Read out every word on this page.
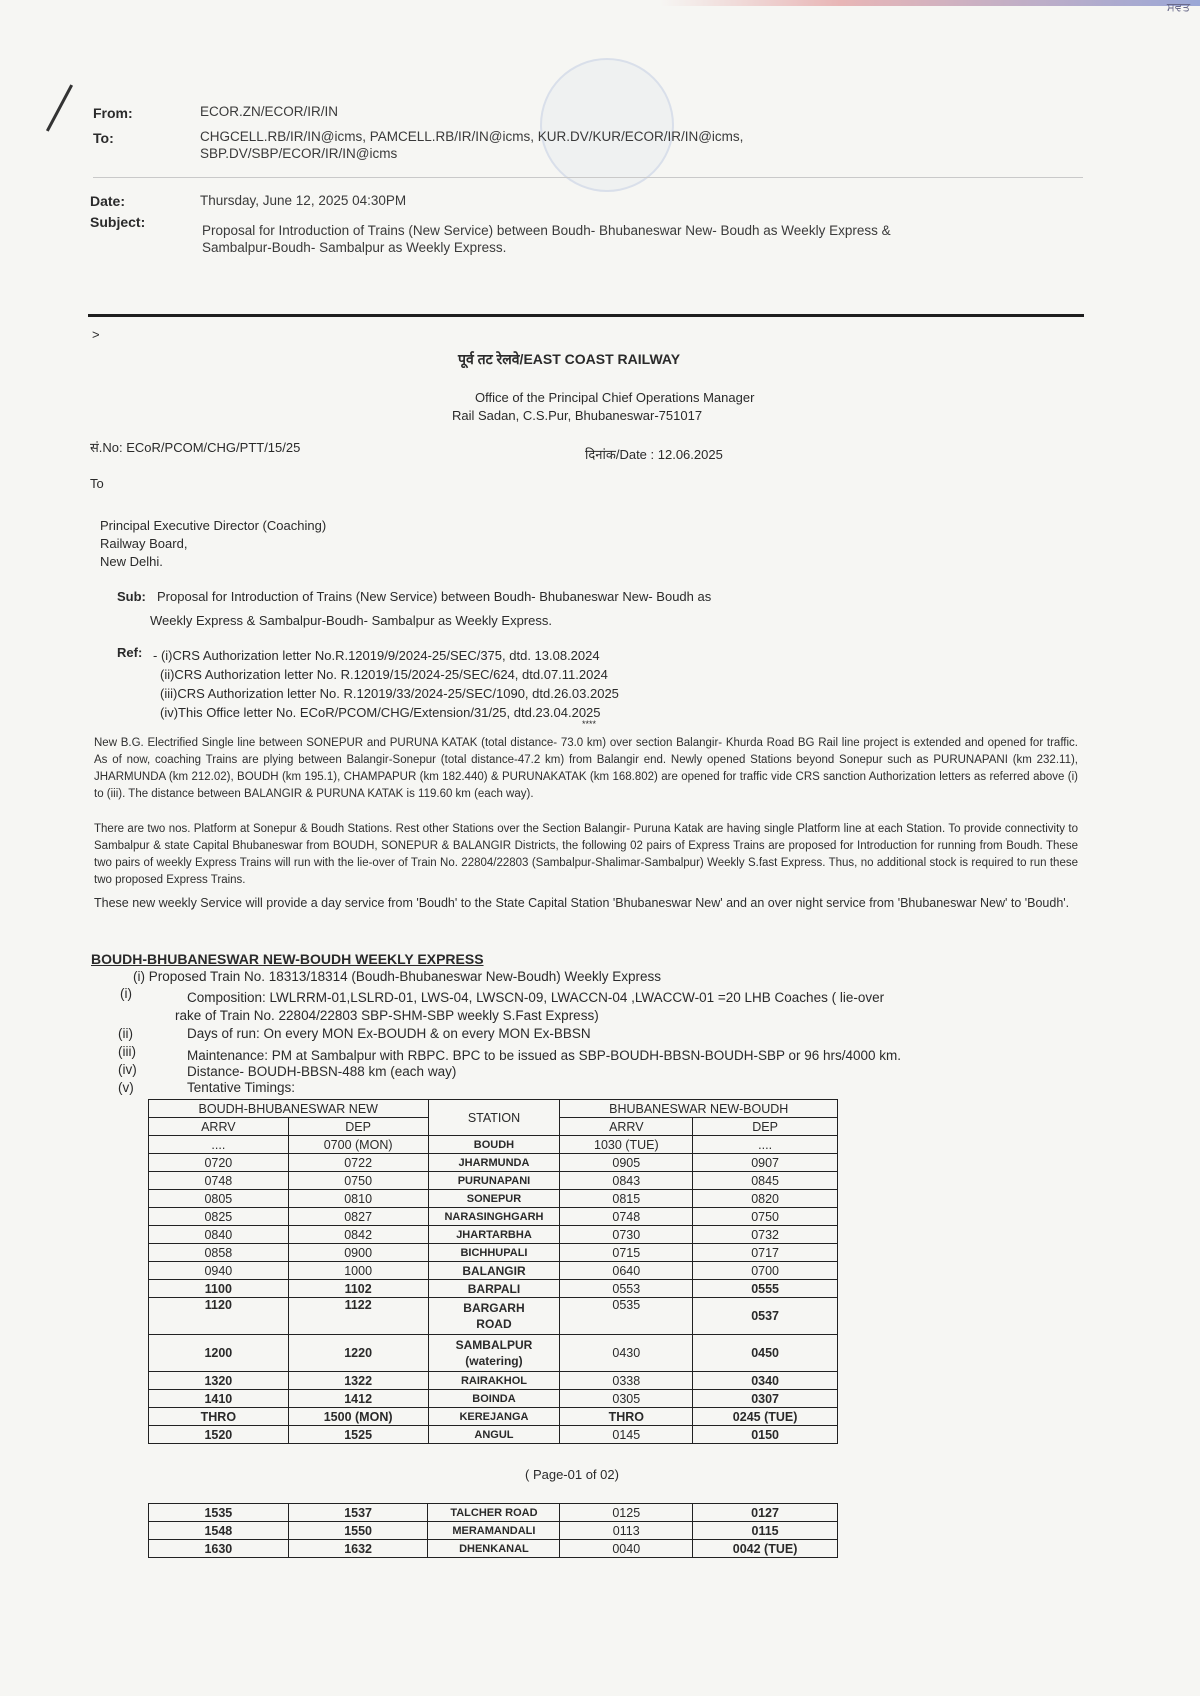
ਸਵਤ
From:	ECOR.ZN/ECOR/IR/IN
To:	CHGCELL.RB/IR/IN@icms, PAMCELL.RB/IR/IN@icms, KUR.DV/KUR/ECOR/IR/IN@icms,
SBP.DV/SBP/ECOR/IR/IN@icms
Date:	Thursday, June 12, 2025 04:30PM
Subject:
Proposal for Introduction of Trains (New Service) between Boudh- Bhubaneswar New- Boudh as Weekly Express &
Sambalpur-Boudh- Sambalpur as Weekly Express.
>
पूर्व तट रेलवे/EAST COAST RAILWAY
Office of the Principal Chief Operations Manager
Rail Sadan, C.S.Pur, Bhubaneswar-751017
सं.No: ECoR/PCOM/CHG/PTT/15/25	दिनांक/Date : 12.06.2025
To
Principal Executive Director (Coaching)
Railway Board,
New Delhi.
Sub: Proposal for Introduction of Trains (New Service) between Boudh- Bhubaneswar New- Boudh as
Weekly Express & Sambalpur-Boudh- Sambalpur as Weekly Express.
Ref: - (i)CRS Authorization letter No.R.12019/9/2024-25/SEC/375, dtd. 13.08.2024
(ii)CRS Authorization letter No. R.12019/15/2024-25/SEC/624, dtd.07.11.2024
(iii)CRS Authorization letter No. R.12019/33/2024-25/SEC/1090, dtd.26.03.2025
(iv)This Office letter No. ECoR/PCOM/CHG/Extension/31/25, dtd.23.04.2025
****
New B.G. Electrified Single line between SONEPUR and PURUNA KATAK (total distance- 73.0 km) over section Balangir- Khurda Road BG Rail line project is extended and opened for traffic. As of now, coaching Trains are plying between Balangir-Sonepur (total distance-47.2 km) from Balangir end. Newly opened Stations beyond Sonepur such as PURUNAPANI (km 232.11), JHARMUNDA (km 212.02), BOUDH (km 195.1), CHAMPAPUR (km 182.440) & PURUNAKATAK (km 168.802) are opened for traffic vide CRS sanction Authorization letters as referred above (i) to (iii). The distance between BALANGIR & PURUNA KATAK is 119.60 km (each way).
There are two nos. Platform at Sonepur & Boudh Stations. Rest other Stations over the Section Balangir- Puruna Katak are having single Platform line at each Station. To provide connectivity to Sambalpur & state Capital Bhubaneswar from BOUDH, SONEPUR & BALANGIR Districts, the following 02 pairs of Express Trains are proposed for Introduction for running from Boudh. These two pairs of weekly Express Trains will run with the lie-over of Train No. 22804/22803 (Sambalpur-Shalimar-Sambalpur) Weekly S.fast Express. Thus, no additional stock is required to run these two proposed Express Trains.
These new weekly Service will provide a day service from 'Boudh' to the State Capital Station 'Bhubaneswar New' and an over night service from 'Bhubaneswar New' to 'Boudh'.
BOUDH-BHUBANESWAR NEW-BOUDH WEEKLY EXPRESS
(i) Proposed Train No. 18313/18314 (Boudh-Bhubaneswar New-Boudh) Weekly Express
(i)	Composition: LWLRRM-01,LSLRD-01, LWS-04, LWSCN-09, LWACCN-04 ,LWACCW-01 =20 LHB Coaches ( lie-over
rake of Train No. 22804/22803 SBP-SHM-SBP weekly S.Fast Express)
(ii)	Days of run: On every MON Ex-BOUDH & on every MON Ex-BBSN
(iii)	Maintenance: PM at Sambalpur with RBPC. BPC to be issued as SBP-BOUDH-BBSN-BOUDH-SBP or 96 hrs/4000 km.
(iv)	Distance- BOUDH-BBSN-488 km (each way)
(v)	Tentative Timings:
BOUDH-BHUBANESWAR NEW		STATION	BHUBANESWAR NEW-BOUDH	
ARRV	DEP		ARRV	DEP
....	0700 (MON)	BOUDH	1030 (TUE)	....
0720	0722	JHARMUNDA	0905	0907
0748	0750	PURUNAPANI	0843	0845
0805	0810	SONEPUR	0815	0820
0825	0827	NARASINGHGARH	0748	0750
0840	0842	JHARTARBHA	0730	0732
0858	0900	BICHHUPALI	0715	0717
0940	1000	BALANGIR	0640	0700
1100	1102	BARPALI	0553	0555
1120	1122	BARGARH
ROAD	0535	0537
1200	1220	SAMBALPUR
(watering)	0430	0450
1320	1322	RAIRAKHOL	0338	0340
1410	1412	BOINDA	0305	0307
THRO	1500 (MON)	KEREJANGA	THRO	0245 (TUE)
1520	1525	ANGUL	0145	0150
( Page-01 of 02)
1535	1537	TALCHER ROAD	0125	0127
1548	1550	MERAMANDALI	0113	0115
1630	1632	DHENKANAL	0040	0042 (TUE)
